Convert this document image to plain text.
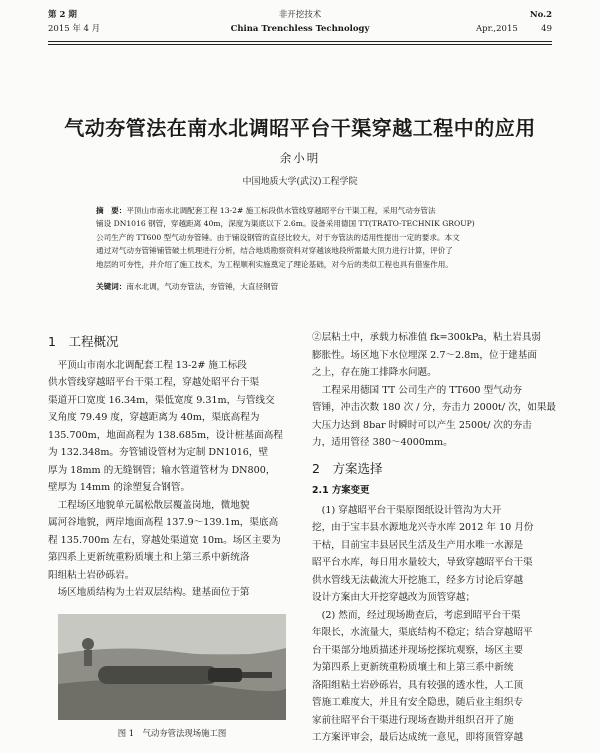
第 2 期
2015 年 4 月
非开挖技术
China Trenchless Technology
No.2
Apr.,2015	49
气动夯管法在南水北调昭平台干渠穿越工程中的应用
余小明
中国地质大学(武汉)工程学院
摘　要：平顶山市南水北调配套工程 13-2# 施工标段供水管线穿越昭平台干渠工程，采用气动夯管法
铺设 DN1016 钢管，穿越距离 40m，深度为渠底以下 2.6m。设备采用德国 TT(TRATO-TECHNIK GROUP)
公司生产的 TT600 型气动夯管锤。由于铺设钢管的直径比较大，对于夯管法的适用性提出一定的要求。本文
通过对气动夯管锤铺管破土机理进行分析，结合地质勘察资料对穿越该地段所需最大顶力进行计算，评价了
地层的可夯性，并介绍了施工技术，为工程顺利实施奠定了理论基础，对今后的类似工程也具有借鉴作用。
关键词：南水北调，气动夯管法，夯管锤，大直径钢管
1　工程概况
　平顶山市南水北调配套工程 13-2# 施工标段
供水管线穿越昭平台干渠工程，穿越处昭平台干渠
渠道开口宽度 16.34m，渠低宽度 9.31m，与管线交
叉角度 79.49 度，穿越距离为 40m，渠底高程为
135.700m，地面高程为 138.685m，设计桩基面高程
为 132.348m。夯管铺设管材为定制 DN1016，壁
厚为 18mm 的无缝钢管；输水管道管材为 DN800，
壁厚为 14mm 的涂塑复合钢管。
　工程场区地貌单元属松散层覆盖岗地，微地貌
属河谷地貌，两岸地面高程 137.9～139.1m，渠底高
程 135.700m 左右，穿越处渠道宽 10m。场区主要为
第四系上更新统重粉质壤土和上第三系中新统洛
阳组粘土岩砂砾岩。
　场区地质结构为土岩双层结构。建基面位于第
图 1　气动夯管法现场施工图
②层粘土中，承载力标准值 fk=300kPa，粘土岩具弱
膨胀性。场区地下水位埋深 2.7～2.8m，位于建基面
之上，存在施工排降水问题。
　工程采用德国 TT 公司生产的 TT600 型气动夯
管锤，冲击次数 180 次 / 分，夯击力 2000t/ 次，如果最
大压力达到 8bar 时瞬时可以产生 2500t/ 次的夯击
力，适用管径 380～4000mm。
2　方案选择
2.1 方案变更
　(1) 穿越昭平台干渠原图纸设计管沟为大开
挖，由于宝丰县水源地龙兴寺水库 2012 年 10 月份
干枯，目前宝丰县居民生活及生产用水唯一水源是
昭平台水库，每日用水量较大，导致穿越昭平台干渠
供水管线无法截流大开挖施工，经多方讨论后穿越
设计方案由大开挖穿越改为顶管穿越；
　(2) 然而，经过现场勘查后，考虑到昭平台干渠
年限长，水流量大，渠底结构不稳定；结合穿越昭平
台干渠部分地质描述并现场挖探坑观察，场区主要
为第四系上更新统重粉质壤土和上第三系中新统
洛阳组粘土岩砂砾岩，具有较强的透水性，人工顶
管施工难度大，并且有安全隐患，随后业主组织专
家前往昭平台干渠进行现场查勘并组织召开了施
工方案评审会，最后达成统一意见，即将顶管穿越
